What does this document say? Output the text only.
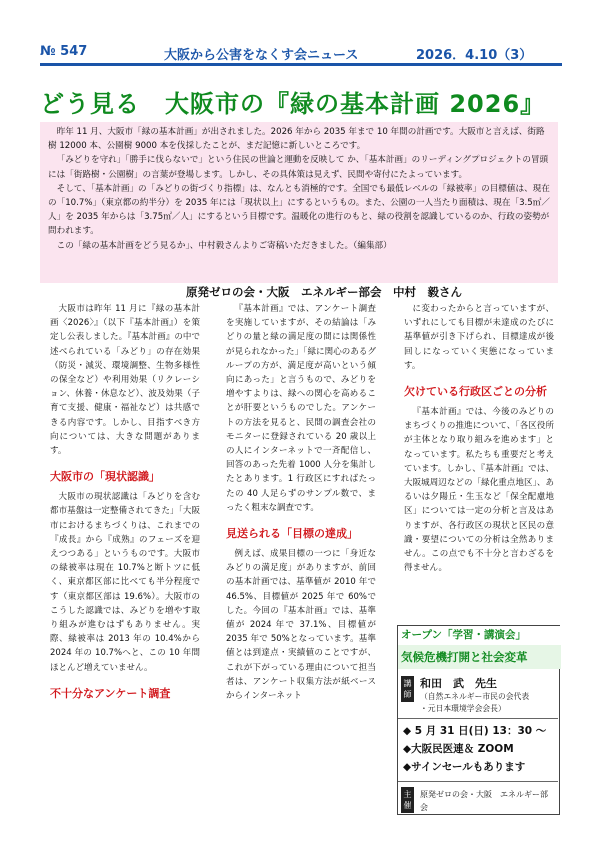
№ 547	大阪から公害をなくす会ニュース	2026．4.10（3）
どう見る　大阪市の『緑の基本計画 2026』

昨年 11 月、大阪市「緑の基本計画」が出されました。2026 年から 2035 年まで 10 年間の計画です。大阪市と言えば、街路樹 12000 本、公園樹 9000 本を伐採したことが、まだ記憶に新しいところです。

「みどりを守れ」「勝手に伐らないで」という住民の世論と運動を反映して か、「基本計画」のリーディングプロジェクトの冒頭には「街路樹・公園樹」の言葉が登場します。しかし、その具体策は見えず、民間や寄付にたよっています。

そして、「基本計画」の「みどりの街づくり指標」は、なんとも消極的です。全国でも最低レベルの「緑被率」の目標値は、現在の「10.7%」（東京都の約半分）を 2035 年には「現状以上」にするというもの。また、公園の一人当たり面積は、現在「3.5㎡／人」を 2035 年からは「3.75㎡／人」にするという目標です。温暖化の進行のもと、緑の役割を認識しているのか、行政の姿勢が問われます。

この「緑の基本計画をどう見るか」、中村毅さんよりご寄稿いただきました。（編集部）

原発ゼロの会・大阪　エネルギー部会　中村　毅さん

大阪市は昨年 11 月に『緑の基本計画〈2026〉』（以下『基本計画』）を策定し公表しました。『基本計画』の中で述べられている「みどり」の存在効果（防災・減災、環境調整、生物多様性の保全など）や利用効果（リクレーション、休養・休息など）、波及効果（子育て支援、健康・福祉など）は共感できる内容です。しかし、目指すべき方向については、大きな問題があります。

大阪市の「現状認識」

大阪市の現状認識は「みどりを含む都市基盤は一定整備されてきた」「大阪市におけるまちづくりは、これまでの『成長』から『成熟』のフェーズを迎えつつある」というものです。大阪市の緑被率は現在 10.7%と断トツに低く、東京都区部に比べても半分程度です（東京都区部は 19.6%）。大阪市のこうした認識では、みどりを増やす取り組みが進むはずもありません。実際、緑被率は 2013 年の 10.4%から 2024 年の 10.7%へと、この 10 年間ほとんど増えていません。

不十分なアンケート調査

『基本計画』では、アンケート調査を実施していますが、その結論は「みどりの量と緑の満足度の間には関係性が見られなかった」「緑に関心のあるグループの方が、満足度が高いという傾向にあった」と言うもので、みどりを増やすよりは、緑への関心を高めることが肝要というものでした。アンケートの方法を見ると、民間の調査会社のモニターに登録されている 20 歳以上の人にインターネットで一斉配信し、回答のあった先着 1000 人分を集計したとあります。1 行政区にすればたったの 40 人足らずのサンプル数で、まったく粗末な調査です。

見送られる「目標の達成」

例えば、成果目標の一つに「身近なみどりの満足度」がありますが、前回の基本計画では、基準値が 2010 年で 46.5%、目標値が 2025 年で 60%でした。今回の『基本計画』では、基準値が 2024 年で 37.1%、目標値が 2035 年で 50%となっています。基準値とは到達点・実績値のことですが、これが下がっている理由について担当者は、アンケート収集方法が紙ベースからインターネット

に変わったからと言っていますが、いずれにしても目標が未達成のたびに基準値が引き下げられ、目標達成が後回しになっていく実態になっています。

欠けている行政区ごとの分析

『基本計画』では、今後のみどりのまちづくりの推進について、「各区役所が主体となり取り組みを進めます」となっています。私たちも重要だと考えています。しかし、『基本計画』では、大阪城周辺などの「緑化重点地区」、あるいは夕陽丘・生玉など「保全配慮地区」については一定の分析と言及はありますが、各行政区の現状と区民の意識・要望についての分析は全然ありません。この点でも不十分と言わざるを得ません。

オープン「学習・講演会」
気候危機打開と社会変革
講師
和田　武　先生
（自然エネルギー市民の会代表
・元日本環境学会会長）
◆ 5 月 31 日(日) 13：30 ～
◆大阪民医連＆ ZOOM
◆サインセールもあります
主催
原発ゼロの会・大阪　エネルギー部会
